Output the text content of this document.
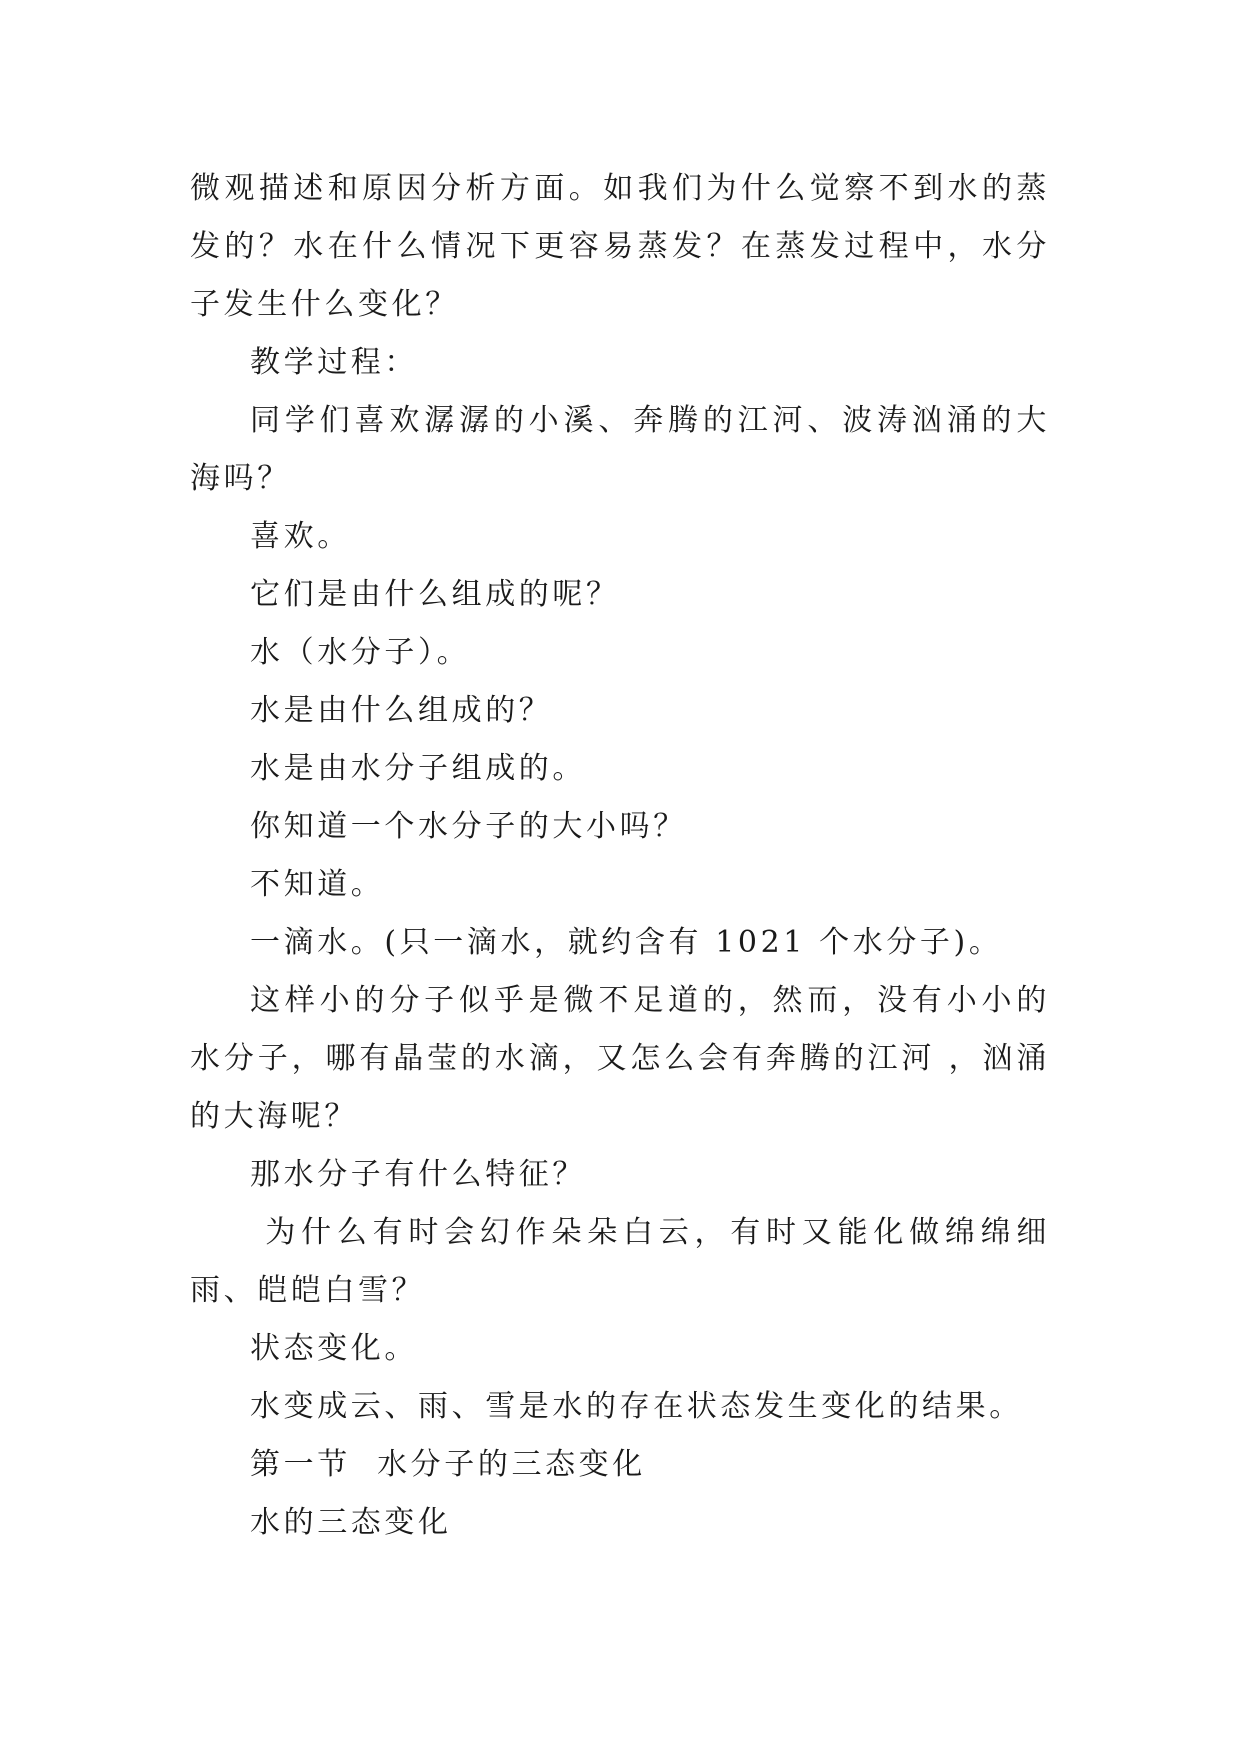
微观描述和原因分析方面。如我们为什么觉察不到水的蒸发的？水在什么情况下更容易蒸发？在蒸发过程中，水分子发生什么变化？

教学过程：

同学们喜欢潺潺的小溪、奔腾的江河、波涛汹涌的大海吗？

喜欢。

它们是由什么组成的呢？

水（水分子）。

水是由什么组成的？

水是由水分子组成的。

你知道一个水分子的大小吗？

不知道。

一滴水。(只一滴水，就约含有 1021 个水分子)。

这样小的分子似乎是微不足道的，然而，没有小小的水分子，哪有晶莹的水滴，又怎么会有奔腾的江河 ，汹涌的大海呢？

那水分子有什么特征？

为什么有时会幻作朵朵白云，有时又能化做绵绵细雨、皑皑白雪？

状态变化。

水变成云、雨、雪是水的存在状态发生变化的结果。

第一节  水分子的三态变化

水的三态变化
